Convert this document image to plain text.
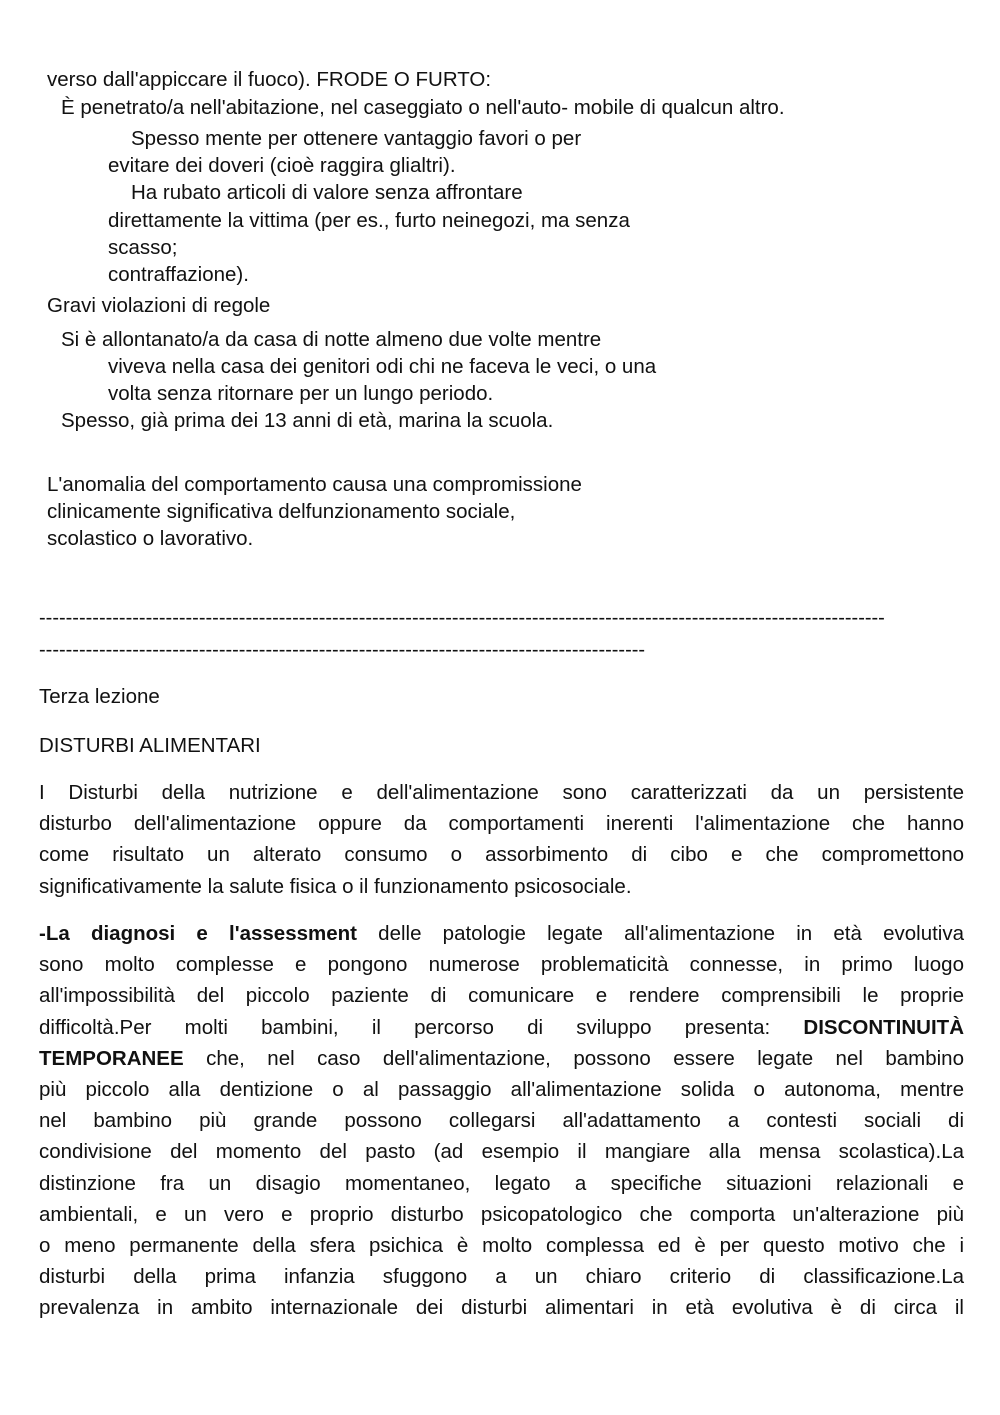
verso dall'appiccare il fuoco). FRODE O FURTO:
È penetrato/a nell'abitazione, nel caseggiato o nell'auto- mobile di qualcun altro.
Spesso mente per ottenere vantaggio favori o per
evitare dei doveri (cioè raggira glialtri).
Ha rubato articoli di valore senza affrontare
direttamente la vittima (per es., furto neinegozi, ma senza
scasso;
contraffazione).
Gravi violazioni di regole
Si è allontanato/a da casa di notte almeno due volte mentre
viveva nella casa dei genitori odi chi ne faceva le veci, o una
volta senza ritornare per un lungo periodo.
Spesso, già prima dei 13 anni di età, marina la scuola.
L'anomalia del comportamento causa una compromissione
clinicamente significativa delfunzionamento sociale,
scolastico o lavorativo.
-------------------------------------------------------------------------------------------------------------------------------
-------------------------------------------------------------------------------------------
Terza lezione
DISTURBI ALIMENTARI
I Disturbi della nutrizione e dell'alimentazione sono caratterizzati da un persistente
disturbo dell'alimentazione oppure da comportamenti inerenti l'alimentazione che hanno
come risultato un alterato consumo o assorbimento di cibo e che compromettono
significativamente la salute fisica o il funzionamento psicosociale.
-La diagnosi e l'assessment delle patologie legate all'alimentazione in età evolutiva
sono molto complesse e pongono numerose problematicità connesse, in primo luogo
all'impossibilità del piccolo paziente di comunicare e rendere comprensibili le proprie
difficoltà.Per molti bambini, il percorso di sviluppo presenta: DISCONTINUITÀ
TEMPORANEE che, nel caso dell'alimentazione, possono essere legate nel bambino
più piccolo alla dentizione o al passaggio all'alimentazione solida o autonoma, mentre
nel bambino più grande possono collegarsi all'adattamento a contesti sociali di
condivisione del momento del pasto (ad esempio il mangiare alla mensa scolastica).La
distinzione fra un disagio momentaneo, legato a specifiche situazioni relazionali e
ambientali, e un vero e proprio disturbo psicopatologico che comporta un'alterazione più
o meno permanente della sfera psichica è molto complessa ed è per questo motivo che i
disturbi della prima infanzia sfuggono a un chiaro criterio di classificazione.La
prevalenza in ambito internazionale dei disturbi alimentari in età evolutiva è di circa il
